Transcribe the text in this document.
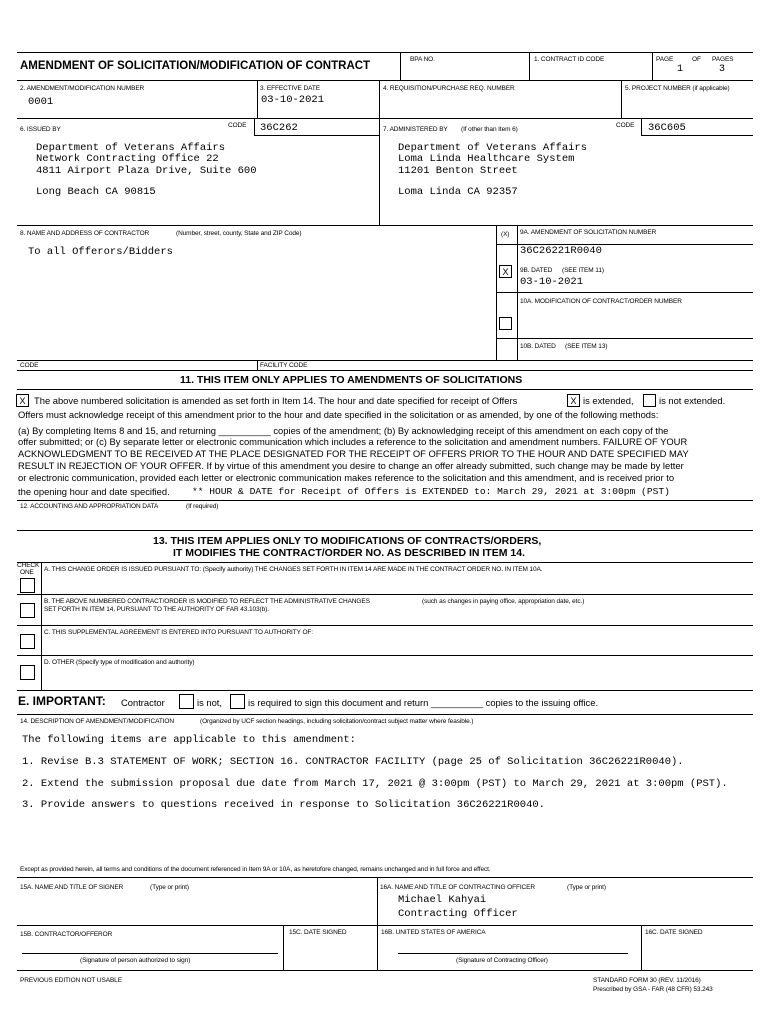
AMENDMENT OF SOLICITATION/MODIFICATION OF CONTRACT
BPA NO.	1. CONTRACT ID CODE	PAGE	OF PAGES
1	3
2. AMENDMENT/MODIFICATION NUMBER
0001
3. EFFECTIVE DATE
03-10-2021
4. REQUISITION/PURCHASE REQ. NUMBER	5. PROJECT NUMBER (if applicable)
6. ISSUED BY
CODE 36C262
Department of Veterans Affairs
Network Contracting Office 22
4811 Airport Plaza Drive, Suite 600
Long Beach CA 90815
7. ADMINISTERED BY (If other than Item 6)
CODE 36C605
Department of Veterans Affairs
Loma Linda Healthcare System
11201 Benton Street
Loma Linda CA 92357
8. NAME AND ADDRESS OF CONTRACTOR	(Number, street, county, State and ZIP Code)
To all Offerors/Bidders
(X) 9A. AMENDMENT OF SOLICITATION NUMBER
36C26221R0040
X	9B. DATED (SEE ITEM 11)
03-10-2021
10A. MODIFICATION OF CONTRACT/ORDER NUMBER
10B. DATED (SEE ITEM 13)
CODE	FACILITY CODE
11. THIS ITEM ONLY APPLIES TO AMENDMENTS OF SOLICITATIONS
X The above numbered solicitation is amended as set forth in Item 14. The hour and date specified for receipt of Offers	X is extended,	is not extended.
Offers must acknowledge receipt of this amendment prior to the hour and date specified in the solicitation or as amended, by one of the following methods:
(a) By completing Items 8 and 15, and returning __________ copies of the amendment; (b) By acknowledging receipt of this amendment on each copy of the
offer submitted; or (c) By separate letter or electronic communication which includes a reference to the solicitation and amendment numbers. FAILURE OF YOUR
ACKNOWLEDGMENT TO BE RECEIVED AT THE PLACE DESIGNATED FOR THE RECEIPT OF OFFERS PRIOR TO THE HOUR AND DATE SPECIFIED MAY
RESULT IN REJECTION OF YOUR OFFER. If by virtue of this amendment you desire to change an offer already submitted, such change may be made by letter
or electronic communication, provided each letter or electronic communication makes reference to the solicitation and this amendment, and is received prior to
the opening hour and date specified. ** HOUR & DATE for Receipt of Offers is EXTENDED to: March 29, 2021 at 3:00pm (PST)
12. ACCOUNTING AND APPROPRIATION DATA	(If required)
13. THIS ITEM APPLIES ONLY TO MODIFICATIONS OF CONTRACTS/ORDERS,
IT MODIFIES THE CONTRACT/ORDER NO. AS DESCRIBED IN ITEM 14.
CHECK
ONE A. THIS CHANGE ORDER IS ISSUED PURSUANT TO: (Specify authority) THE CHANGES SET FORTH IN ITEM 14 ARE MADE IN THE CONTRACT ORDER NO. IN ITEM 10A.
B. THE ABOVE NUMBERED CONTRACT/ORDER IS MODIFIED TO REFLECT THE ADMINISTRATIVE CHANGES	(such as changes in paying office, appropriation date, etc.)
SET FORTH IN ITEM 14, PURSUANT TO THE AUTHORITY OF FAR 43.103(b).
C. THIS SUPPLEMENTAL AGREEMENT IS ENTERED INTO PURSUANT TO AUTHORITY OF:
D. OTHER (Specify type of modification and authority)
E. IMPORTANT: Contractor	is not,	is required to sign this document and return __________ copies to the issuing office.
14. DESCRIPTION OF AMENDMENT/MODIFICATION	(Organized by UCF section headings, including solicitation/contract subject matter where feasible.)
The following items are applicable to this amendment:
1. Revise B.3 STATEMENT OF WORK; SECTION 16. CONTRACTOR FACILITY (page 25 of Solicitation 36C26221R0040).
2. Extend the submission proposal due date from March 17, 2021 @ 3:00pm (PST) to March 29, 2021 at 3:00pm (PST).
3. Provide answers to questions received in response to Solicitation 36C26221R0040.
Except as provided herein, all terms and conditions of the document referenced in Item 9A or 10A, as heretofore changed, remains unchanged and in full force and effect.
15A. NAME AND TITLE OF SIGNER	(Type or print)	16A. NAME AND TITLE OF CONTRACTING OFFICER	(Type or print)
Michael Kahyai
Contracting Officer
15B. CONTRACTOR/OFFEROR	15C. DATE SIGNED	16B. UNITED STATES OF AMERICA	16C. DATE SIGNED
(Signature of person authorized to sign)	(Signature of Contracting Officer)
PREVIOUS EDITION NOT USABLE	STANDARD FORM 30 (REV. 11/2016)
Prescribed by GSA - FAR (48 CFR) 53.243
